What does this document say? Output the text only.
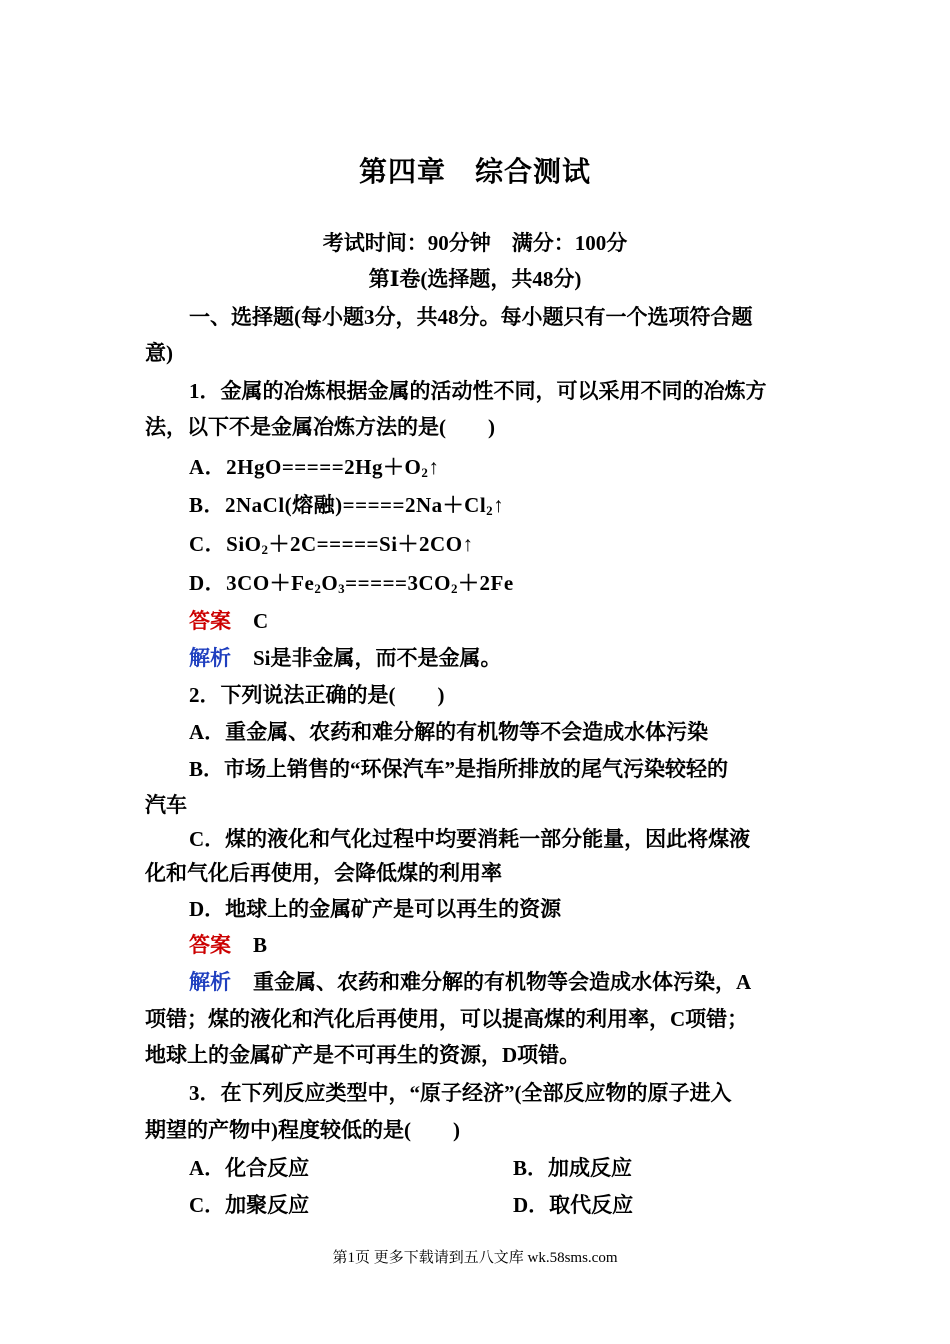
第四章　综合测试
考试时间：90分钟　满分：100分
第Ⅰ卷(选择题，共48分)
一、选择题(每小题3分，共48分。每小题只有一个选项符合题
意)
1．金属的冶炼根据金属的活动性不同，可以采用不同的冶炼方
法，以下不是金属冶炼方法的是(　　)
A．$2HgO=====2Hg+O_2↑$
B．2NaCl(熔融)$=====2Na+Cl_2↑$
C．SiO$_2$＋2C=====Si＋2CO↑
D．$3CO+Fe_2O_3=====3CO_2+2Fe$
答案 C
解析 Si是非金属，而不是金属。
2．下列说法正确的是(　　)
A．重金属、农药和难分解的有机物等不会造成水体污染
B．市场上销售的“环保汽车”是指所排放的尾气污染较轻的
汽车
C．煤的液化和气化过程中均要消耗一部分能量，因此将煤液
化和气化后再使用，会降低煤的利用率
D．地球上的金属矿产是可以再生的资源
答案 B
解析 重金属、农药和难分解的有机物等会造成水体污染，A
项错；煤的液化和汽化后再使用，可以提高煤的利用率，C项错；
地球上的金属矿产是不可再生的资源，D项错。
3．在下列反应类型中，“原子经济”(全部反应物的原子进入
期望的产物中)程度较低的是(　　)
A．化合反应	B．加成反应
C．加聚反应	D．取代反应
第1页 更多下载请到五八文库 wk.58sms.com
